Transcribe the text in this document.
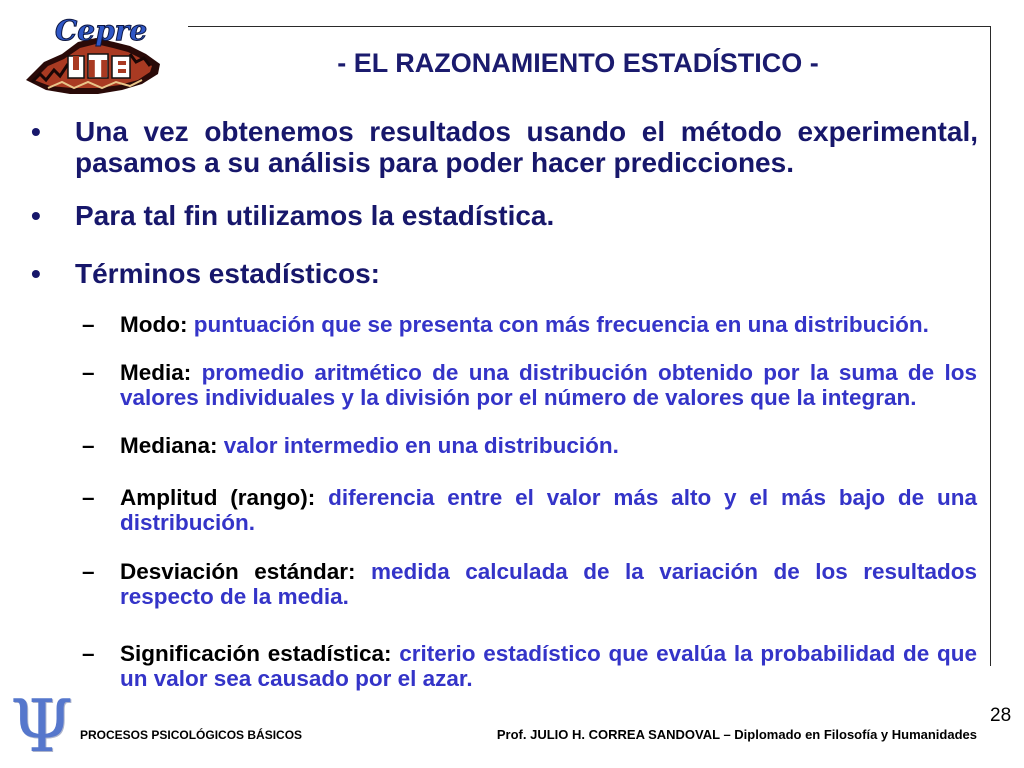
Cepre
- EL RAZONAMIENTO ESTADÍSTICO -
• Una vez obtenemos resultados usando el método experimental, pasamos a su análisis para poder hacer predicciones.

• Para tal fin utilizamos la estadística.

• Términos estadísticos:

– Modo: puntuación que se presenta con más frecuencia en una distribución.

– Media: promedio aritmético de una distribución obtenido por la suma de los valores individuales y la división por el número de valores que la integran.

– Mediana: valor intermedio en una distribución.

– Amplitud (rango): diferencia entre el valor más alto y el más bajo de una distribución.

– Desviación estándar: medida calculada de la variación de los resultados respecto de la media.

– Significación estadística: criterio estadístico que evalúa la probabilidad de que un valor sea causado por el azar.

Ψ PROCESOS PSICOLÓGICOS BÁSICOS	Prof. JULIO H. CORREA SANDOVAL – Diplomado en Filosofía y Humanidades
28
